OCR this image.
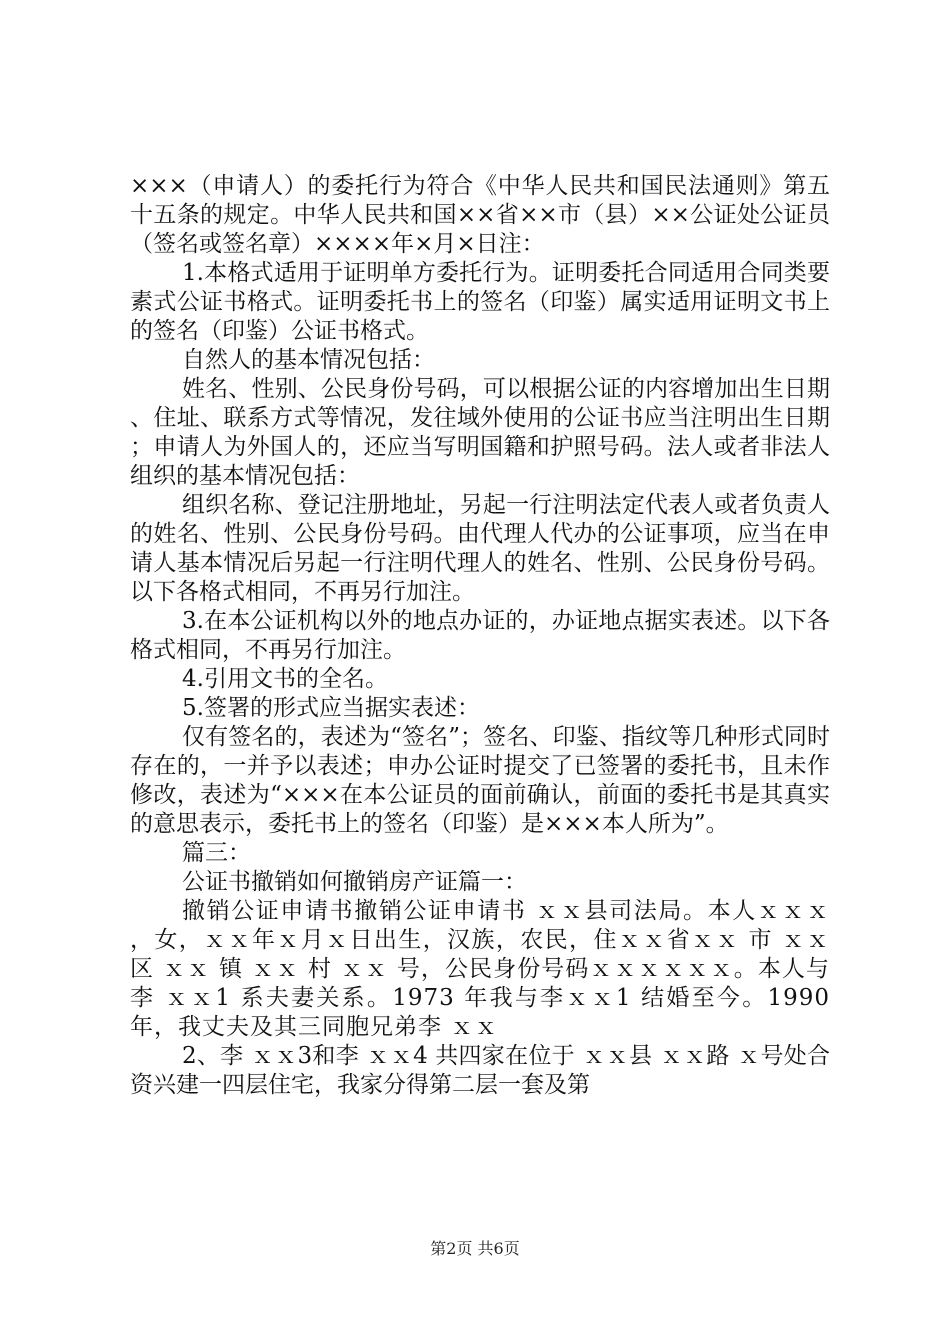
×××（申请人）的委托行为符合《中华人民共和国民法通则》第五十五条的规定。中华人民共和国××省××市（县）××公证处公证员（签名或签名章）××××年×月×日注：

1.本格式适用于证明单方委托行为。证明委托合同适用合同类要素式公证书格式。证明委托书上的签名（印鉴）属实适用证明文书上的签名（印鉴）公证书格式。

自然人的基本情况包括：

姓名、性别、公民身份号码，可以根据公证的内容增加出生日期、住址、联系方式等情况，发往域外使用的公证书应当注明出生日期；申请人为外国人的，还应当写明国籍和护照号码。法人或者非法人组织的基本情况包括：

组织名称、登记注册地址，另起一行注明法定代表人或者负责人的姓名、性别、公民身份号码。由代理人代办的公证事项，应当在申请人基本情况后另起一行注明代理人的姓名、性别、公民身份号码。以下各格式相同，不再另行加注。

3.在本公证机构以外的地点办证的，办证地点据实表述。以下各格式相同，不再另行加注。

4.引用文书的全名。

5.签署的形式应当据实表述：

仅有签名的，表述为“签名”；签名、印鉴、指纹等几种形式同时存在的，一并予以表述；申办公证时提交了已签署的委托书，且未作修改，表述为“×××在本公证员的面前确认，前面的委托书是其真实的意思表示，委托书上的签名（印鉴）是×××本人所为”。

篇三：

公证书撤销如何撤销房产证篇一：

撤销公证申请书撤销公证申请书 ｘｘ县司法局。本人ｘｘｘ，女，ｘｘ年ｘ月ｘ日出生，汉族，农民，住ｘｘ省ｘｘ 市 ｘｘ 区 ｘｘ 镇 ｘｘ 村 ｘｘ 号，公民身份号码ｘｘｘｘｘｘ。本人与李 ｘｘ1 系夫妻关系。1973 年我与李ｘｘ1 结婚至今。1990 年，我丈夫及其三同胞兄弟李 ｘｘ

2、李 ｘｘ3和李 ｘｘ4 共四家在位于 ｘｘ县 ｘｘ路 ｘ号处合资兴建一四层住宅，我家分得第二层一套及第

第2页 共6页
